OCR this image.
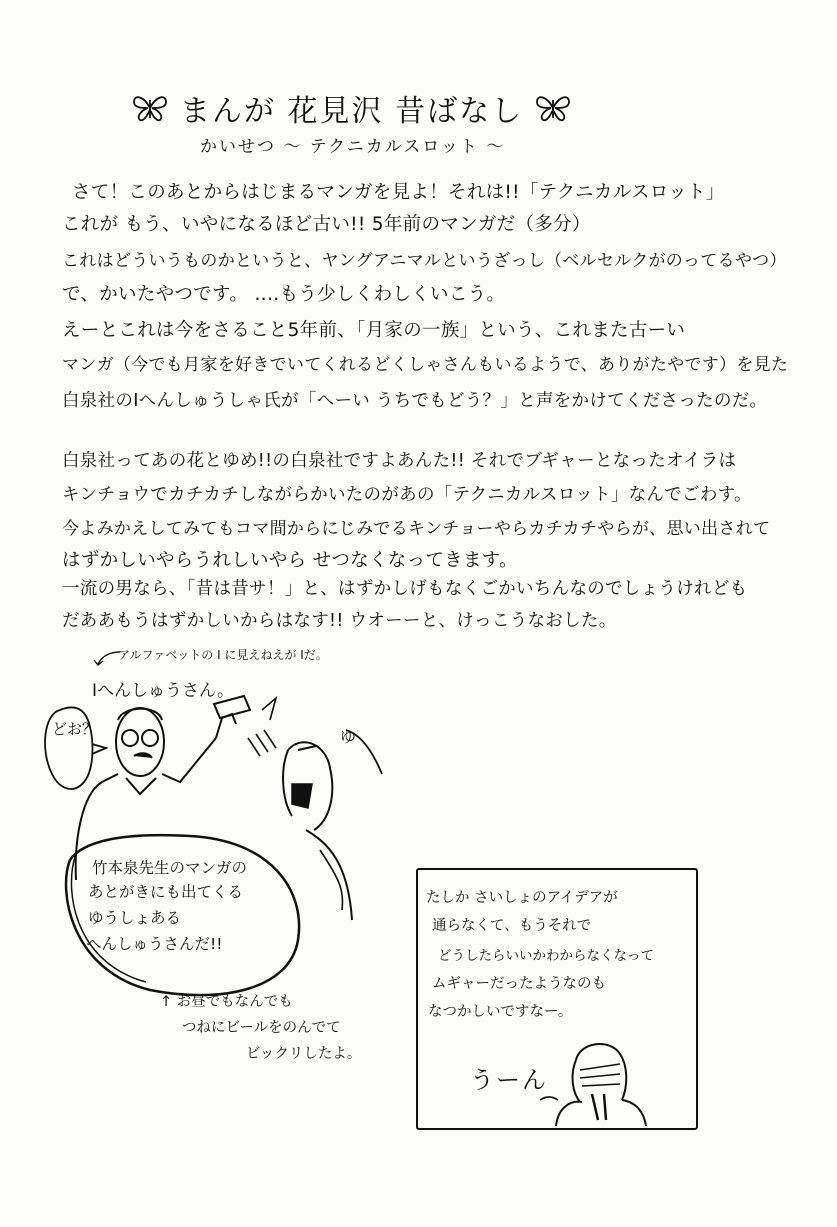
まんが 花見沢 昔ばなし
かいせつ 〜 テクニカルスロット 〜
さて！このあとからはじまるマンガを見よ！それは!!「テクニカルスロット」
これが もう、いやになるほど古い!! 5年前のマンガだ（多分）
これはどういうものかというと、ヤングアニマルというざっし（ベルセルクがのってるやつ）
で、かいたやつです。 ‥‥もう少しくわしくいこう。
えーとこれは今をさること5年前、「月家の一族」という、これまた古ーい
マンガ（今でも月家を好きでいてくれるどくしゃさんもいるようで、ありがたやです）を見た
白泉社のIへんしゅうしゃ氏が「へーい うちでもどう？」と声をかけてくださったのだ。
白泉社ってあの花とゆめ!!の白泉社ですよあんた!! それでブギャーとなったオイラは
キンチョウでカチカチしながらかいたのがあの「テクニカルスロット」なんでごわす。
今よみかえしてみてもコマ間からにじみでるキンチョーやらカチカチやらが、思い出されて
はずかしいやらうれしいやら せつなくなってきます。
一流の男なら、「昔は昔サ！」と、はずかしげもなくごかいちんなのでしょうけれども
だああもうはずかしいからはなす!! ウオーーと、けっこうなおした。
アルファベットの I に見えねえが Iだ。
Iへんしゅうさん。
どお？	ゆ
竹本泉先生のマンガの
あとがきにも出てくる
ゆうしょある
へんしゅうさんだ!!
↑ お昼でもなんでも
つねにビールをのんでて
ビックリしたよ。
たしか さいしょのアイデアが
通らなくて、もうそれで
どうしたらいいかわからなくなって
ムギャーだったようなのも
なつかしいですなー。
うーん
